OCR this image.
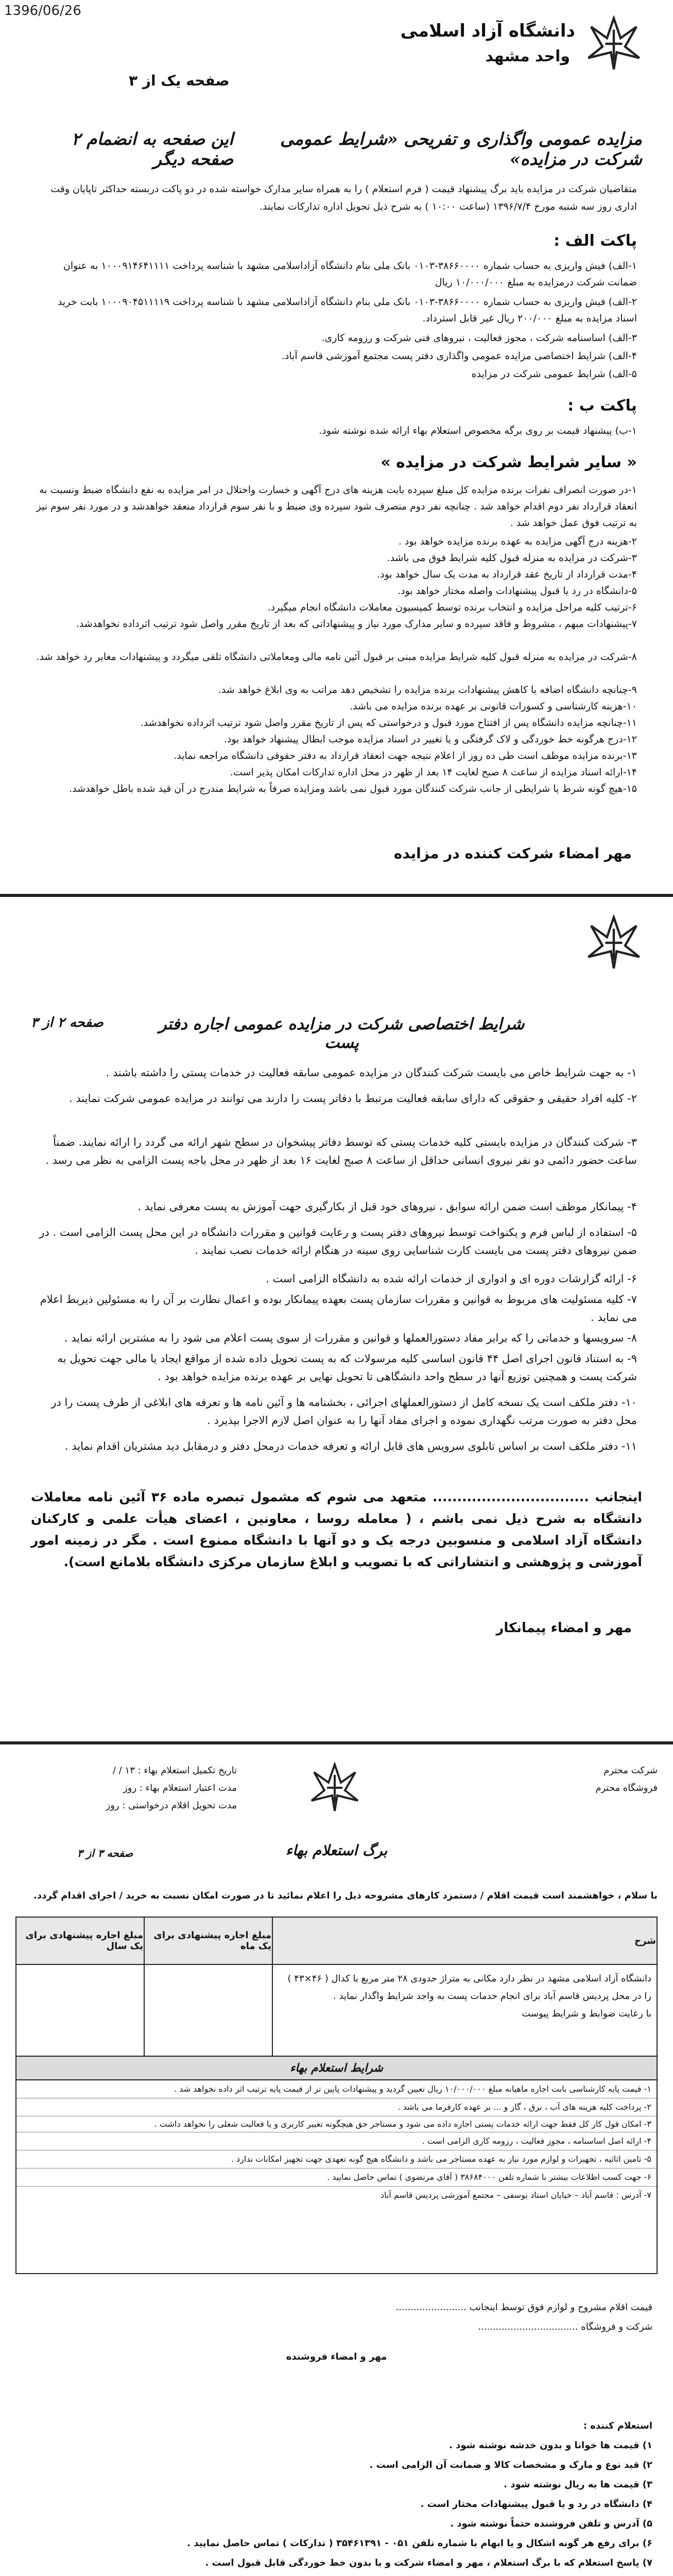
1396/06/26
دانشگاه آزاد اسلامی
واحد مشهد
صفحه یک از ۳
مزایده عمومی واگذاری و تفریحی «شرایط عمومی شرکت در مزایده»
این صفحه به انضمام ۲ صفحه دیگر
متقاضیان شرکت در مزایده باید برگ پیشنهاد قیمت ( فرم استعلام ) را به همراه سایر مدارک خواسته شده در دو پاکت دربسته حداکثر تاپایان وقت اداری روز سه شنبه مورخ ۱۳۹۶/۷/۴ (ساعت ۱۰:۰۰ ) به شرح ذیل تحویل اداره تدارکات نمایند.
پاکت الف :
۱-الف) فیش واریزی به حساب شماره ۳۸۶۶۰۰۰۰-۰۱۰۳ بانک ملی بنام دانشگاه آزاداسلامی مشهد با شناسه پرداخت ۱۰۰۰۹۱۴۶۴۱۱۱۱ به عنوان ضمانت شرکت درمزایده به مبلغ ۱۰/۰۰۰/۰۰۰ ریال
۲-الف) فیش واریزی به حساب شماره ۳۸۶۶۰۰۰۰-۰۱۰۳ بانک ملی بنام دانشگاه آزاداسلامی مشهد با شناسه پرداخت ۱۰۰۰۹۰۴۵۱۱۱۱۹ بابت خرید اسناد مزایده به مبلغ ۲۰۰/۰۰۰ ریال غیر قابل استرداد.
۳-الف) اساسنامه شرکت ، مجوز فعالیت ، نیروهای فنی شرکت و رزومه کاری.
۴-الف) شرایط اختصاصی مزایده عمومی واگذاری دفتر پست مجتمع آموزشی قاسم آباد.
۵-الف) شرایط عمومی شرکت در مزایده
پاکت ب :
۱-ب) پیشنهاد قیمت بر روی برگه مخصوص استعلام بهاء ارائه شده نوشته شود.
« سایر شرایط شرکت در مزایده »
۱-در صورت انصراف نفرات برنده مزایده کل مبلغ سپرده بابت هزینه های درج آگهی و خسارت واختلال در امر مزایده به نفع دانشگاه ضبط ونسبت به انعقاد قرارداد نفر دوم اقدام خواهد شد . چنانچه نفر دوم منصرف شود سپرده وی ضبط و با نفر سوم قرارداد منعقد خواهدشد و در مورد نفر سوم نیز به ترتیب فوق عمل خواهد شد .
۲-هزینه درج آگهی مزایده به عهده برنده مزایده خواهد بود .
۳-شرکت در مزایده به منزله قبول کلیه شرایط فوق می باشد.
۴-مدت قرارداد از تاریخ عقد قرارداد به مدت یک سال خواهد بود.
۵-دانشگاه در رد یا قبول پیشنهادات واصله مختار خواهد بود.
۶-ترتیب کلیه مراحل مزایده و انتخاب برنده توسط کمیسیون معاملات دانشگاه انجام میگیرد.
۷-پیشنهادات مبهم ، مشروط و فاقد سپرده و سایر مدارک مورد نیاز و پیشنهاداتی که بعد از تاریخ مقرر واصل شود ترتیب اثرداده نخواهدشد.
۸-شرکت در مزایده به منزله قبول کلیه شرایط مزایده مبنی بر قبول آئین نامه مالی ومعاملاتی دانشگاه تلقی میگردد و پیشنهادات مغایر رد خواهد شد.
۹-چنانچه دانشگاه اضافه یا کاهش پیشنهادات برنده مزایده را تشخیص دهد مراتب به وی ابلاغ خواهد شد.
۱۰-هزینه کارشناسی و کسورات قانونی بر عهده برنده مزایده می باشد.
۱۱-چنانچه مزایده دانشگاه پس از افتتاح مورد قبول و درخواستی که پس از تاریخ مقرر واصل شود ترتیب اثرداده نخواهدشد.
۱۲-درج هرگونه خط خوردگی و لاک گرفتگی و یا تغییر در اسناد مزایده موجب ابطال پیشنهاد خواهد بود.
۱۳-برنده مزایده موظف است طی ده روز از اعلام نتیجه جهت انعقاد قرارداد به دفتر حقوقی دانشگاه مراجعه نماید.
۱۴-ارائه اسناد مزایده از ساعت ۸ صبح لغایت ۱۴ بعد از ظهر در محل اداره تدارکات امکان پذیر است.
۱۵-هیچ گونه شرط یا شرایطی از جانب شرکت کنندگان مورد قبول نمی باشد ومزایده صرفاً به شرایط مندرج در آن قید شده باطل خواهدشد.
مهر امضاء شرکت کننده در مزایده
شرایط اختصاصی شرکت در مزایده عمومی اجاره دفتر پست
صفحه ۲ از ۳
۱- به جهت شرایط خاص می بایست شرکت کنندگان در مزایده عمومی سابقه فعالیت در خدمات پستی را داشته باشند .
۲- کلیه افراد حقیقی و حقوقی که دارای سابقه فعالیت مرتبط با دفاتر پست را دارند می توانند در مزایده عمومی شرکت نمایند .
۳- شرکت کنندگان در مزایده بایستی کلیه خدمات پستی که توسط دفاتر پیشخوان در سطح شهر ارائه می گردد را ارائه نمایند. ضمناً ساعت حضور دائمی دو نفر نیروی انسانی حداقل از ساعت ۸ صبح لغایت ۱۶ بعد از ظهر در محل باجه پست الزامی به نظر می رسد .
۴- پیمانکار موظف است ضمن ارائه سوابق ، نیروهای خود قبل از بکارگیری جهت آموزش به پست معرفی نماید .
۵- استفاده از لباس فرم و یکنواخت توسط نیروهای دفتر پست و رعایت قوانین و مقررات دانشگاه در این محل پست الزامی است . در ضمن نیروهای دفتر پست می بایست کارت شناسایی روی سینه در هنگام ارائه خدمات نصب نمایند .
۶- ارائه گزارشات دوره ای و ادواری از خدمات ارائه شده به دانشگاه الزامی است .
۷- کلیه مسئولیت های مربوط به قوانین و مقررات سازمان پست بعهده پیمانکار بوده و اعمال نظارت بر آن را به مسئولین ذیربط اعلام می نماید .
۸- سرویسها و خدماتی را که برابر مفاد دستورالعملها و قوانین و مقررات از سوی پست اعلام می شود را به مشترین ارائه نماید .
۹- به استناد قانون اجرای اصل ۴۴ قانون اساسی کلیه مرسولات که به پست تحویل داده شده از مواقع ایجاد یا مالی جهت تحویل به شرکت پست و همچنین توزیع آنها در سطح واحد دانشگاهی تا تحویل نهایی بر عهده برنده مزایده خواهد بود .
۱۰- دفتر ملکف است یک نسخه کامل از دستورالعملهای اجرائی ، بخشنامه ها و آئین نامه ها و تعرفه های ابلاغی از طرف پست را در محل دفتر به صورت مرتب نگهداری نموده و اجرای مفاد آنها را به عنوان اصل لازم الاجرا بپذیرد .
۱۱- دفتر ملکف است بر اساس تابلوی سرویس های قابل ارائه و تعرفه خدمات درمحل دفتر و درمقابل دید مشتریان اقدام نماید .
اینجانب ................................ متعهد می شوم که مشمول تبصره ماده ۳۶ آئین نامه معاملات دانشگاه به شرح ذیل نمی باشم ، ( معامله روسا ، معاونین ، اعضای هیأت علمی و کارکنان دانشگاه آزاد اسلامی و منسوبین درجه یک و دو آنها با دانشگاه ممنوع است . مگر در زمینه امور آموزشی و پژوهشی و انتشاراتی که با تصویب و ابلاغ سازمان مرکزی دانشگاه بلامانع است).
مهر و امضاء پیمانکار
شرکت محترم
فروشگاه محترم
تاریخ تکمیل استعلام بهاء : ۱۳ / /
مدت اعتبار استعلام بهاء : روز
مدت تحویل اقلام درخواستی : روز
برگ استعلام بهاء
صفحه ۳ از ۳
با سلام ، خواهشمند است قیمت اقلام / دستمزد کارهای مشروحه ذیل را اعلام نمائید تا در صورت امکان نسبت به خرید / اجرای اقدام گردد.
شرح	مبلغ اجاره پیشنهادی برای یک ماه	مبلغ اجاره پیشنهادی برای یک سال

دانشگاه آزاد اسلامی مشهد در نظر دارد مکانی به متراژ حدودی ۲۸ متر مربع با کدال ( ۴۶×۴۳ ) را در محل پردیس قاسم آباد برای انجام خدمات پست به واجد شرایط واگذار نماید .
با رعایت ضوابط و شرایط پیوست		

شرایط استعلام بهاء
۱- قیمت پایه کارشناسی بابت اجاره ماهیانه مبلغ ۱۰/۰۰۰/۰۰۰ ریال تعیین گردید و پیشنهادات پایین تر از قیمت پایه ترتیب اثر داده نخواهد شد .
۲- پرداخت کلیه هزینه های آب ، برق ، گاز و ... بر عهده کارفرما می باشد .
۳- امکان قول کار کل فقط جهت ارائه خدمات پستی اجاره داده می شود و مستاجر حق هیچگونه تغییر کاربری و یا فعالیت شغلی را نخواهد داشت .
۴- ارائه اصل اساسنامه ، مجوز فعالیت ، رزومه کاری الزامی است .
۵- تامین اثاثیه ، تجهیزات و لوازم مورد نیاز به عهده مستاجر می باشد و دانشگاه هیچ گونه تعهدی جهت تجهیز امکانات ندارد .
۶- جهت کسب اطلاعات بیشتر با شماره تلفن ۳۸۶۸۴۰۰۰ ( آقای مرتضوی ) تماس حاصل نمایید .
۷- آدرس : قاسم آباد – خیابان استاد یوسفی – مجتمع آموزشی پردیس قاسم آباد
قیمت اقلام مشروح و لوازم فوق توسط اینجانب ........................
شرکت و فروشگاه ..................................
مهر و امضاء فروشنده
استعلام کننده :
۱) قیمت ها خوانا و بدون خدشه نوشته شود .
۲) قید نوع و مارک و مشخصات کالا و ضمانت آن الزامی است .
۳) قیمت ها به ریال نوشته شود .
۴) دانشگاه در رد و یا قبول پیشنهادات مختار است .
۵) آدرس و تلفن فروشنده حتماً نوشته شود .
۶) برای رفع هر گونه اشکال و یا ابهام با شماره تلفن ۰۵۱ - ۳۵۴۶۱۳۹۱ ( تدارکات ) تماس حاصل نمایید .
۷) پاسخ استعلام که با برگ استعلام ، مهر و امضاء شرکت و یا بدون خط خوردگی قابل قبول است .
